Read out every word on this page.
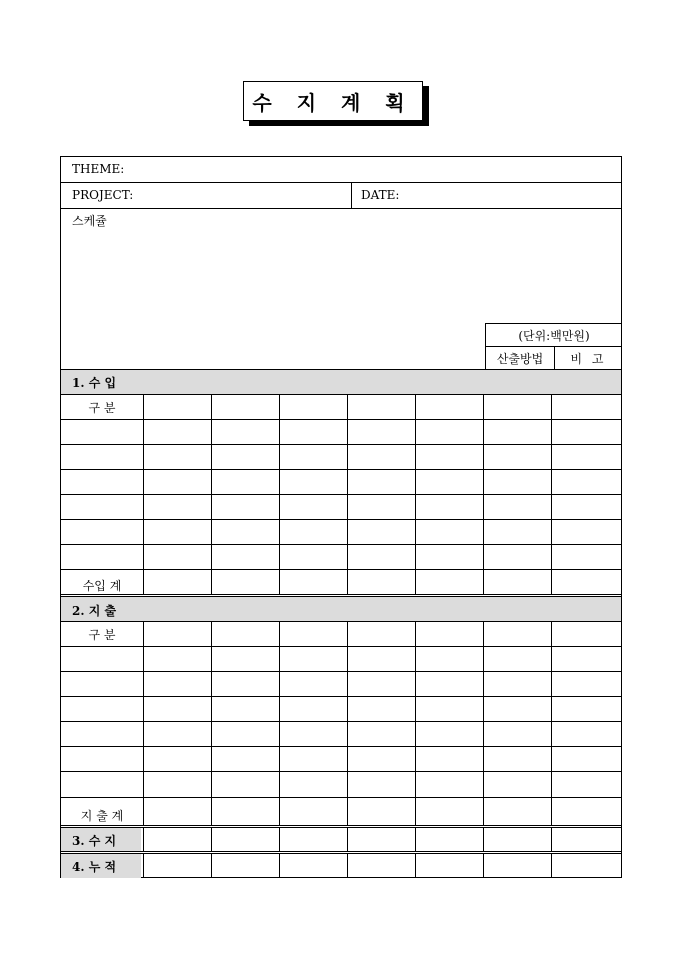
수 지 계 획
THEME:
PROJECT:	DATE:
스케쥴
(단위:백만원)
산출방법	비 고
1. 수 입
구 분
수입 계
2. 지 출
구 분
지 출 계
3. 수 지
4. 누 적
